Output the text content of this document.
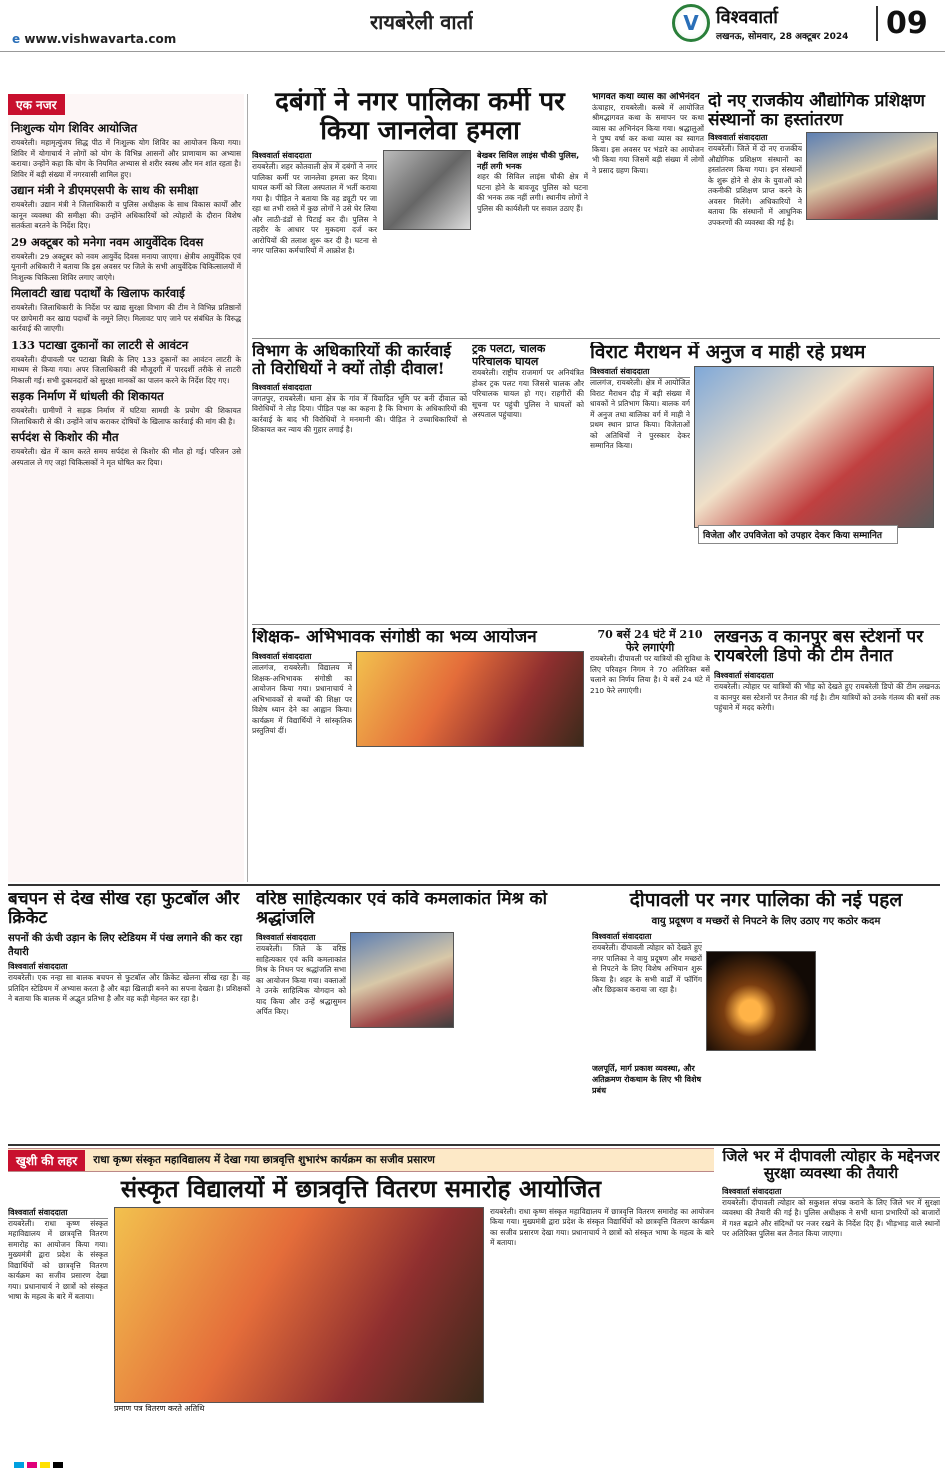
e www.vishwavarta.com
रायबरेली वार्ता	V विश्ववार्ता
लखनऊ, सोमवार, 28 अक्टूबर 2024	09
एक नजर
निःशुल्क योग शिविर आयोजित
रायबरेली। महामृत्युंजय सिद्ध पीठ में निःशुल्क योग शिविर का आयोजन किया गया। शिविर में योगाचार्य ने लोगों को योग के विभिन्न आसनों और प्राणायाम का अभ्यास कराया। उन्होंने कहा कि योग के नियमित अभ्यास से शरीर स्वस्थ और मन शांत रहता है। शिविर में बड़ी संख्या में नगरवासी शामिल हुए।
उद्यान मंत्री ने डीएमएसपी के साथ की समीक्षा
रायबरेली। उद्यान मंत्री ने जिलाधिकारी व पुलिस अधीक्षक के साथ विकास कार्यों और कानून व्यवस्था की समीक्षा की। उन्होंने अधिकारियों को त्योहारों के दौरान विशेष सतर्कता बरतने के निर्देश दिए।
29 अक्टूबर को मनेगा नवम आयुर्वेदिक दिवस
रायबरेली। 29 अक्टूबर को नवम आयुर्वेद दिवस मनाया जाएगा। क्षेत्रीय आयुर्वेदिक एवं यूनानी अधिकारी ने बताया कि इस अवसर पर जिले के सभी आयुर्वेदिक चिकित्सालयों में निःशुल्क चिकित्सा शिविर लगाए जाएंगे।
मिलावटी खाद्य पदार्थों के खिलाफ कार्रवाई
रायबरेली। जिलाधिकारी के निर्देश पर खाद्य सुरक्षा विभाग की टीम ने विभिन्न प्रतिष्ठानों पर छापेमारी कर खाद्य पदार्थों के नमूने लिए। मिलावट पाए जाने पर संबंधित के विरुद्ध कार्रवाई की जाएगी।
133 पटाखा दुकानों का लाटरी से आवंटन
रायबरेली। दीपावली पर पटाखा बिक्री के लिए 133 दुकानों का आवंटन लाटरी के माध्यम से किया गया। अपर जिलाधिकारी की मौजूदगी में पारदर्शी तरीके से लाटरी निकाली गई। सभी दुकानदारों को सुरक्षा मानकों का पालन करने के निर्देश दिए गए।
सड़क निर्माण में धांधली की शिकायत
रायबरेली। ग्रामीणों ने सड़क निर्माण में घटिया सामग्री के प्रयोग की शिकायत जिलाधिकारी से की। उन्होंने जांच कराकर दोषियों के खिलाफ कार्रवाई की मांग की है।
सर्पदंश से किशोर की मौत
रायबरेली। खेत में काम करते समय सर्पदंश से किशोर की मौत हो गई। परिजन उसे अस्पताल ले गए जहां चिकित्सकों ने मृत घोषित कर दिया।
दबंगों ने नगर पालिका कर्मी पर किया जानलेवा हमला
विश्ववार्ता संवाददाता
रायबरेली। शहर कोतवाली क्षेत्र में दबंगों ने नगर पालिका कर्मी पर जानलेवा हमला कर दिया। घायल कर्मी को जिला अस्पताल में भर्ती कराया गया है। पीड़ित ने बताया कि वह ड्यूटी पर जा रहा था तभी रास्ते में कुछ लोगों ने उसे घेर लिया और लाठी-डंडों से पिटाई कर दी। पुलिस ने तहरीर के आधार पर मुकदमा दर्ज कर आरोपियों की तलाश शुरू कर दी है। घटना से नगर पालिका कर्मचारियों में आक्रोश है।
बेखबर सिविल लाइंस चौकी पुलिस, नहीं लगी भनक
शहर की सिविल लाइंस चौकी क्षेत्र में घटना होने के बावजूद पुलिस को घटना की भनक तक नहीं लगी। स्थानीय लोगों ने पुलिस की कार्यशैली पर सवाल उठाए हैं।
भागवत कथा व्यास का अभिनंदन
ऊंचाहार, रायबरेली। कस्बे में आयोजित श्रीमद्भागवत कथा के समापन पर कथा व्यास का अभिनंदन किया गया। श्रद्धालुओं ने पुष्प वर्षा कर कथा व्यास का स्वागत किया। इस अवसर पर भंडारे का आयोजन भी किया गया जिसमें बड़ी संख्या में लोगों ने प्रसाद ग्रहण किया।
दो नए राजकीय औद्योगिक प्रशिक्षण संस्थानों का हस्तांतरण
विश्ववार्ता संवाददाता
रायबरेली। जिले में दो नए राजकीय औद्योगिक प्रशिक्षण संस्थानों का हस्तांतरण किया गया। इन संस्थानों के शुरू होने से क्षेत्र के युवाओं को तकनीकी प्रशिक्षण प्राप्त करने के अवसर मिलेंगे। अधिकारियों ने बताया कि संस्थानों में आधुनिक उपकरणों की व्यवस्था की गई है।
विभाग के अधिकारियों की कार्रवाई तो विरोधियों ने क्यों तोड़ी दीवाल!
विश्ववार्ता संवाददाता
जगतपुर, रायबरेली। थाना क्षेत्र के गांव में विवादित भूमि पर बनी दीवाल को विरोधियों ने तोड़ दिया। पीड़ित पक्ष का कहना है कि विभाग के अधिकारियों की कार्रवाई के बाद भी विरोधियों ने मनमानी की। पीड़ित ने उच्चाधिकारियों से शिकायत कर न्याय की गुहार लगाई है।
ट्रक पलटा, चालक परिचालक घायल
रायबरेली। राष्ट्रीय राजमार्ग पर अनियंत्रित होकर ट्रक पलट गया जिससे चालक और परिचालक घायल हो गए। राहगीरों की सूचना पर पहुंची पुलिस ने घायलों को अस्पताल पहुंचाया।
विराट मैराथन में अनुज व माही रहे प्रथम
विश्ववार्ता संवाददाता
लालगंज, रायबरेली। क्षेत्र में आयोजित विराट मैराथन दौड़ में बड़ी संख्या में धावकों ने प्रतिभाग किया। बालक वर्ग में अनुज तथा बालिका वर्ग में माही ने प्रथम स्थान प्राप्त किया। विजेताओं को अतिथियों ने पुरस्कार देकर सम्मानित किया।
विजेता और उपविजेता को उपहार देकर किया सम्मानित
शिक्षक- अभिभावक संगोष्ठी का भव्य आयोजन
विश्ववार्ता संवाददाता
लालगंज, रायबरेली। विद्यालय में शिक्षक-अभिभावक संगोष्ठी का आयोजन किया गया। प्रधानाचार्य ने अभिभावकों से बच्चों की शिक्षा पर विशेष ध्यान देने का आह्वान किया। कार्यक्रम में विद्यार्थियों ने सांस्कृतिक प्रस्तुतियां दीं।
70 बसें 24 घंटे में 210 फेरे लगाएंगी
रायबरेली। दीपावली पर यात्रियों की सुविधा के लिए परिवहन निगम ने 70 अतिरिक्त बसें चलाने का निर्णय लिया है। ये बसें 24 घंटे में 210 फेरे लगाएंगी।
लखनऊ व कानपुर बस स्टेशनों पर रायबरेली डिपो की टीम तैनात
विश्ववार्ता संवाददाता
रायबरेली। त्योहार पर यात्रियों की भीड़ को देखते हुए रायबरेली डिपो की टीम लखनऊ व कानपुर बस स्टेशनों पर तैनात की गई है। टीम यात्रियों को उनके गंतव्य की बसों तक पहुंचाने में मदद करेगी।
बचपन से देख सीख रहा फुटबॉल और क्रिकेट
सपनों की ऊंची उड़ान के लिए स्टेडियम में पंख लगाने की कर रहा तैयारी
विश्ववार्ता संवाददाता
रायबरेली। एक नन्हा सा बालक बचपन से फुटबॉल और क्रिकेट खेलना सीख रहा है। वह प्रतिदिन स्टेडियम में अभ्यास करता है और बड़ा खिलाड़ी बनने का सपना देखता है। प्रशिक्षकों ने बताया कि बालक में अद्भुत प्रतिभा है और वह कड़ी मेहनत कर रहा है।
वरिष्ठ साहित्यकार एवं कवि कमलाकांत मिश्र को श्रद्धांजलि
विश्ववार्ता संवाददाता
रायबरेली। जिले के वरिष्ठ साहित्यकार एवं कवि कमलाकांत मिश्र के निधन पर श्रद्धांजलि सभा का आयोजन किया गया। वक्ताओं ने उनके साहित्यिक योगदान को याद किया और उन्हें श्रद्धासुमन अर्पित किए।
दीपावली पर नगर पालिका की नई पहल
वायु प्रदूषण व मच्छरों से निपटने के लिए उठाए गए कठोर कदम
विश्ववार्ता संवाददाता
रायबरेली। दीपावली त्योहार को देखते हुए नगर पालिका ने वायु प्रदूषण और मच्छरों से निपटने के लिए विशेष अभियान शुरू किया है। शहर के सभी वार्डों में फॉगिंग और छिड़काव कराया जा रहा है।
जलपूर्ति, मार्ग प्रकाश व्यवस्था, और अतिक्रमण रोकथाम के लिए भी विशेष प्रबंध
खुशी की लहर	राधा कृष्ण संस्कृत महाविद्यालय में देखा गया छात्रवृत्ति शुभारंभ कार्यक्रम का सजीव प्रसारण
संस्कृत विद्यालयों में छात्रवृत्ति वितरण समारोह आयोजित
विश्ववार्ता संवाददाता
रायबरेली। राधा कृष्ण संस्कृत महाविद्यालय में छात्रवृत्ति वितरण समारोह का आयोजन किया गया। मुख्यमंत्री द्वारा प्रदेश के संस्कृत विद्यार्थियों को छात्रवृत्ति वितरण कार्यक्रम का सजीव प्रसारण देखा गया। प्रधानाचार्य ने छात्रों को संस्कृत भाषा के महत्व के बारे में बताया।
प्रमाण पत्र वितरण करते अतिथि
रायबरेली। राधा कृष्ण संस्कृत महाविद्यालय में छात्रवृत्ति वितरण समारोह का आयोजन किया गया। मुख्यमंत्री द्वारा प्रदेश के संस्कृत विद्यार्थियों को छात्रवृत्ति वितरण कार्यक्रम का सजीव प्रसारण देखा गया। प्रधानाचार्य ने छात्रों को संस्कृत भाषा के महत्व के बारे में बताया।
जिले भर में दीपावली त्योहार के मद्देनजर सुरक्षा व्यवस्था की तैयारी
विश्ववार्ता संवाददाता
रायबरेली। दीपावली त्योहार को सकुशल संपन्न कराने के लिए जिले भर में सुरक्षा व्यवस्था की तैयारी की गई है। पुलिस अधीक्षक ने सभी थाना प्रभारियों को बाजारों में गश्त बढ़ाने और संदिग्धों पर नजर रखने के निर्देश दिए हैं। भीड़भाड़ वाले स्थानों पर अतिरिक्त पुलिस बल तैनात किया जाएगा।
